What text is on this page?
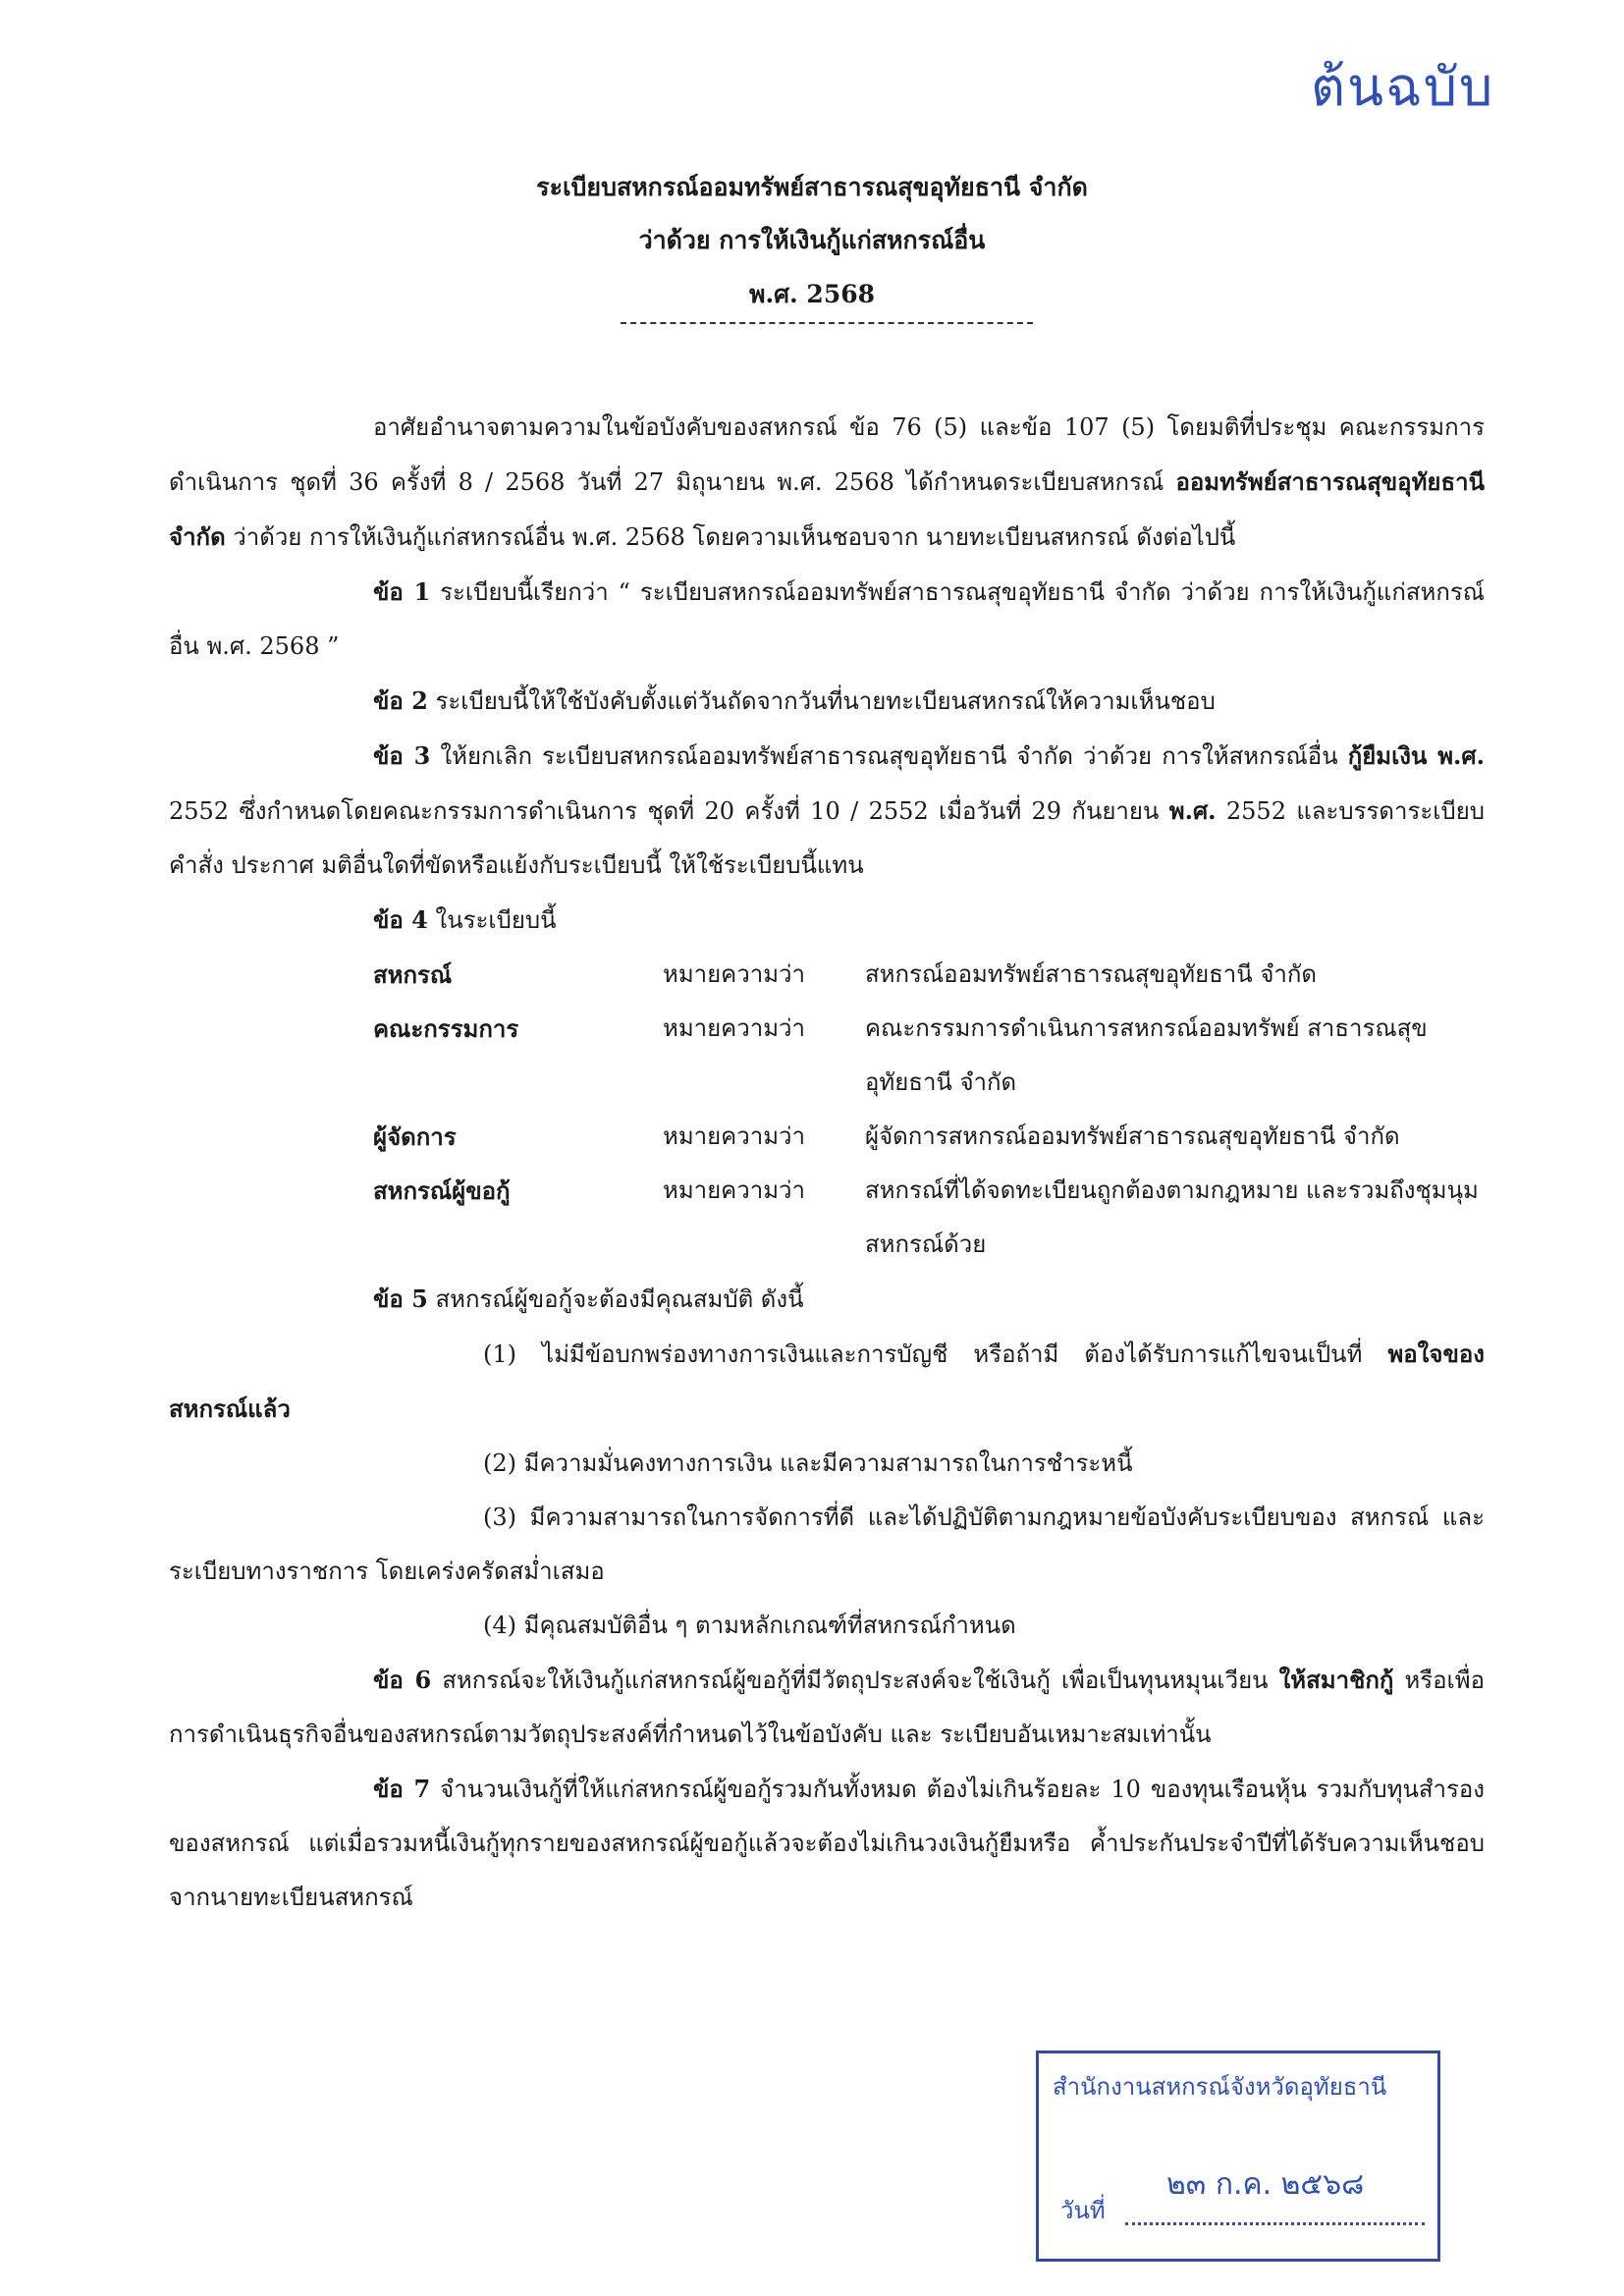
ต้นฉบับ
ระเบียบสหกรณ์ออมทรัพย์สาธารณสุขอุทัยธานี จำกัด
ว่าด้วย การให้เงินกู้แก่สหกรณ์อื่น
พ.ศ. 2568

อาศัยอำนาจตามความในข้อบังคับของสหกรณ์ ข้อ 76 (5) และข้อ 107 (5) โดยมติที่ประชุม คณะกรรมการดำเนินการ ชุดที่ 36 ครั้งที่ 8 / 2568 วันที่ 27 มิถุนายน พ.ศ. 2568 ได้กำหนดระเบียบสหกรณ์ ออมทรัพย์สาธารณสุขอุทัยธานี จำกัด ว่าด้วย การให้เงินกู้แก่สหกรณ์อื่น พ.ศ. 2568 โดยความเห็นชอบจาก นายทะเบียนสหกรณ์ ดังต่อไปนี้

ข้อ 1 ระเบียบนี้เรียกว่า “ ระเบียบสหกรณ์ออมทรัพย์สาธารณสุขอุทัยธานี จำกัด ว่าด้วย การให้เงินกู้แก่สหกรณ์อื่น พ.ศ. 2568 ”

ข้อ 2 ระเบียบนี้ให้ใช้บังคับตั้งแต่วันถัดจากวันที่นายทะเบียนสหกรณ์ให้ความเห็นชอบ

ข้อ 3 ให้ยกเลิก ระเบียบสหกรณ์ออมทรัพย์สาธารณสุขอุทัยธานี จำกัด ว่าด้วย การให้สหกรณ์อื่น กู้ยืมเงิน พ.ศ. 2552 ซึ่งกำหนดโดยคณะกรรมการดำเนินการ ชุดที่ 20 ครั้งที่ 10 / 2552 เมื่อวันที่ 29 กันยายน พ.ศ. 2552 และบรรดาระเบียบ คำสั่ง ประกาศ มติอื่นใดที่ขัดหรือแย้งกับระเบียบนี้ ให้ใช้ระเบียบนี้แทน

ข้อ 4 ในระเบียบนี้

สหกรณ์	หมายความว่า	สหกรณ์ออมทรัพย์สาธารณสุขอุทัยธานี จำกัด
คณะกรรมการ	หมายความว่า	คณะกรรมการดำเนินการสหกรณ์ออมทรัพย์ สาธารณสุขอุทัยธานี จำกัด
ผู้จัดการ	หมายความว่า	ผู้จัดการสหกรณ์ออมทรัพย์สาธารณสุขอุทัยธานี จำกัด
สหกรณ์ผู้ขอกู้	หมายความว่า	สหกรณ์ที่ได้จดทะเบียนถูกต้องตามกฎหมาย และรวมถึงชุมนุมสหกรณ์ด้วย

ข้อ 5 สหกรณ์ผู้ขอกู้จะต้องมีคุณสมบัติ ดังนี้

(1) ไม่มีข้อบกพร่องทางการเงินและการบัญชี หรือถ้ามี ต้องได้รับการแก้ไขจนเป็นที่ พอใจของสหกรณ์แล้ว

(2) มีความมั่นคงทางการเงิน และมีความสามารถในการชำระหนี้

(3) มีความสามารถในการจัดการที่ดี และได้ปฏิบัติตามกฎหมายข้อบังคับระเบียบของ สหกรณ์ และระเบียบทางราชการ โดยเคร่งครัดสม่ำเสมอ

(4) มีคุณสมบัติอื่น ๆ ตามหลักเกณฑ์ที่สหกรณ์กำหนด

ข้อ 6 สหกรณ์จะให้เงินกู้แก่สหกรณ์ผู้ขอกู้ที่มีวัตถุประสงค์จะใช้เงินกู้ เพื่อเป็นทุนหมุนเวียน ให้สมาชิกกู้ หรือเพื่อการดำเนินธุรกิจอื่นของสหกรณ์ตามวัตถุประสงค์ที่กำหนดไว้ในข้อบังคับ และ ระเบียบอันเหมาะสมเท่านั้น

ข้อ 7 จำนวนเงินกู้ที่ให้แก่สหกรณ์ผู้ขอกู้รวมกันทั้งหมด ต้องไม่เกินร้อยละ 10 ของทุนเรือนหุ้น รวมกับทุนสำรองของสหกรณ์ แต่เมื่อรวมหนี้เงินกู้ทุกรายของสหกรณ์ผู้ขอกู้แล้วจะต้องไม่เกินวงเงินกู้ยืมหรือ ค้ำประกันประจำปีที่ได้รับความเห็นชอบจากนายทะเบียนสหกรณ์

สำนักงานสหกรณ์จังหวัดอุทัยธานี
๒๓ ก.ค. ๒๕๖๘
วันที่
